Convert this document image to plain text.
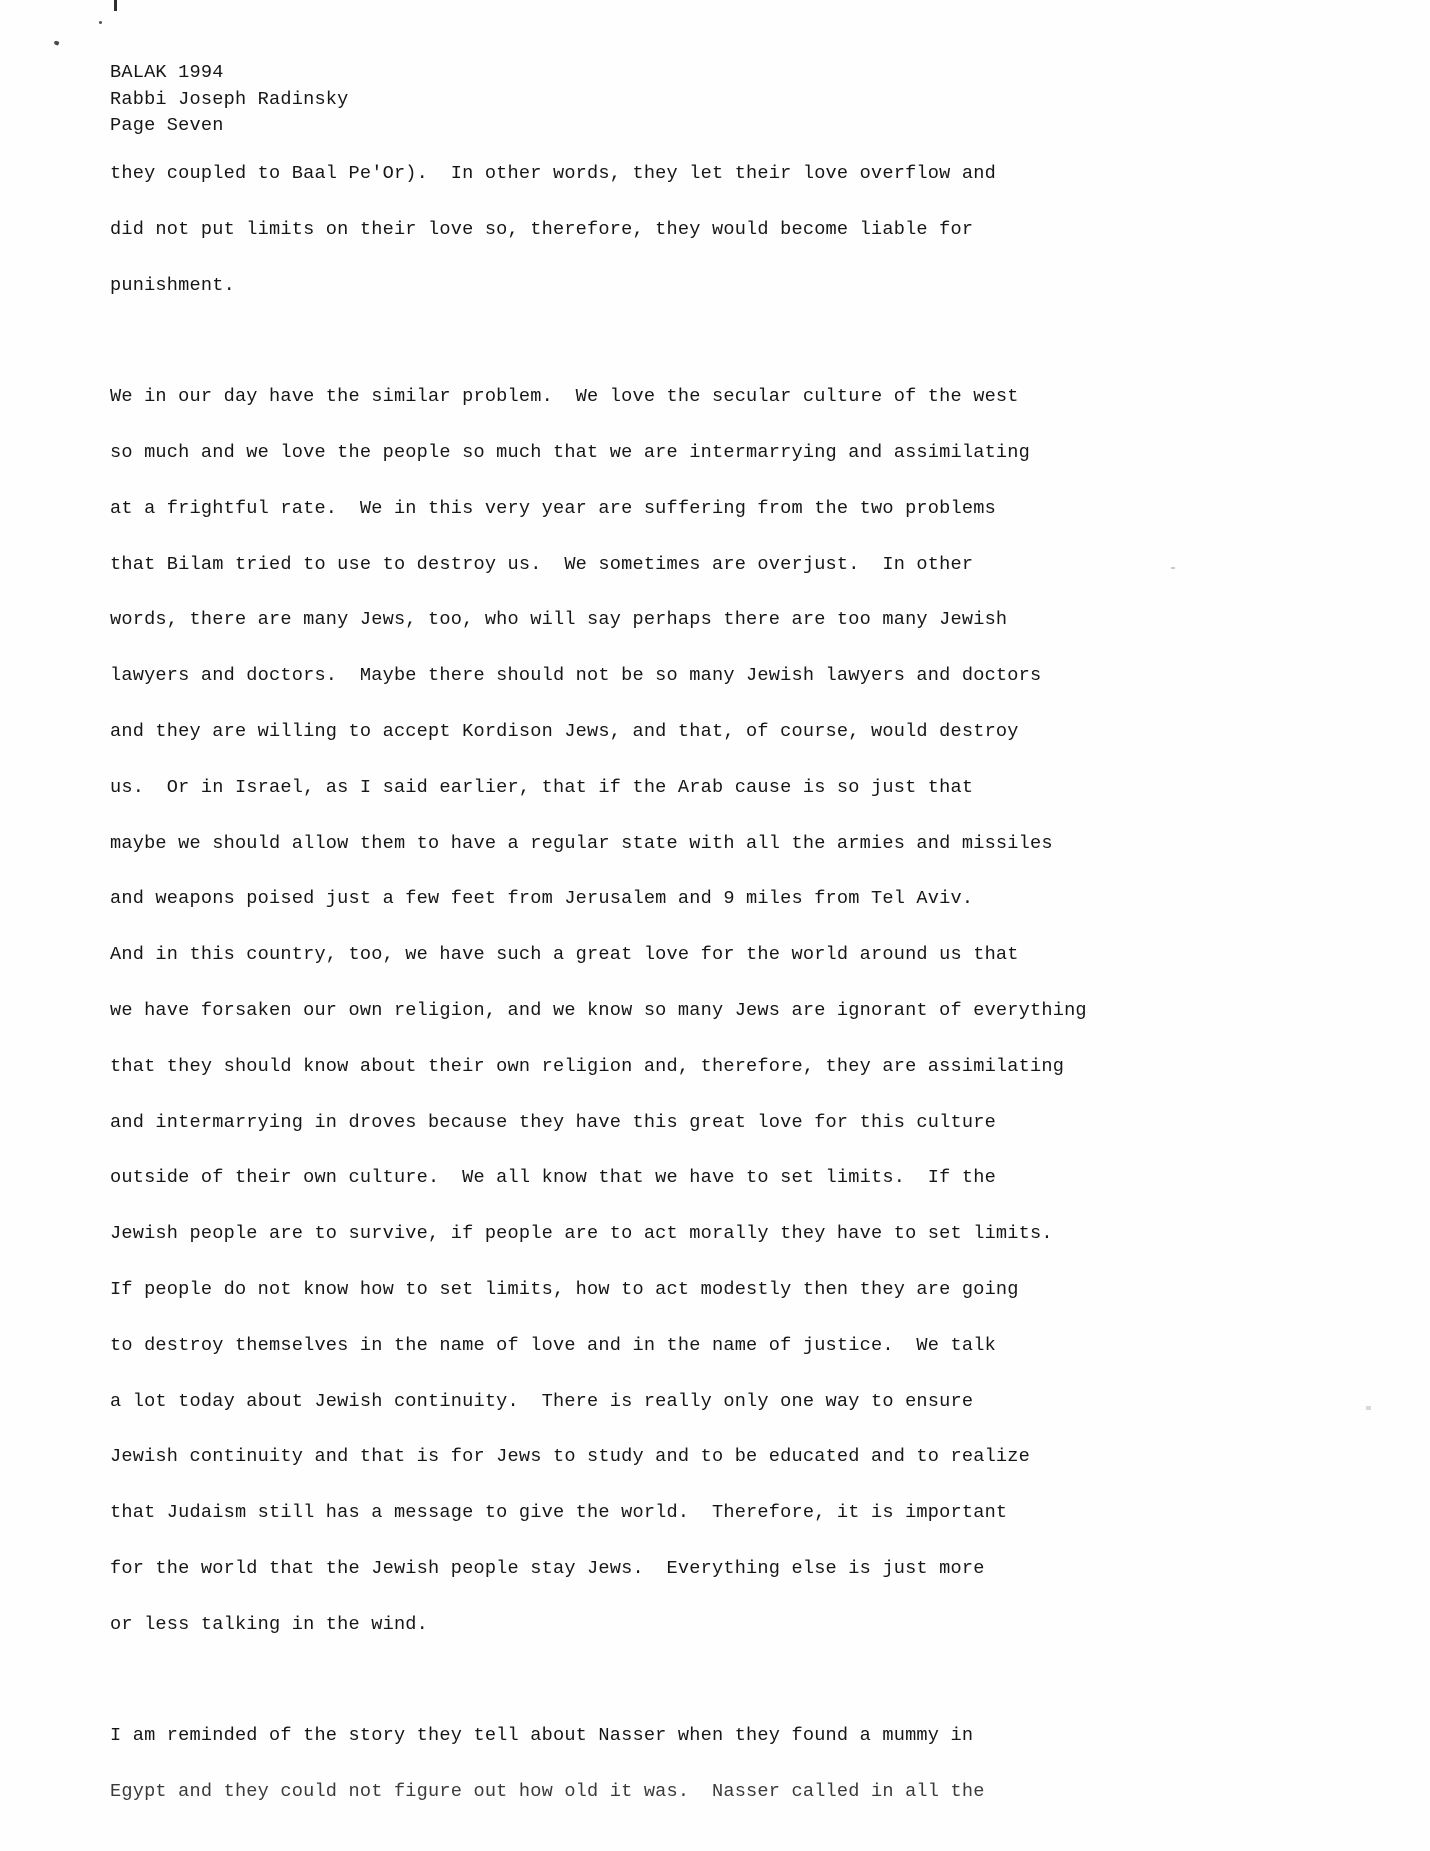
BALAK 1994
Rabbi Joseph Radinsky
Page Seven
they coupled to Baal Pe'Or).  In other words, they let their love overflow and
did not put limits on their love so, therefore, they would become liable for
punishment.
We in our day have the similar problem.  We love the secular culture of the west
so much and we love the people so much that we are intermarrying and assimilating
at a frightful rate.  We in this very year are suffering from the two problems
that Bilam tried to use to destroy us.  We sometimes are overjust.  In other
words, there are many Jews, too, who will say perhaps there are too many Jewish
lawyers and doctors.  Maybe there should not be so many Jewish lawyers and doctors
and they are willing to accept Kordison Jews, and that, of course, would destroy
us.  Or in Israel, as I said earlier, that if the Arab cause is so just that
maybe we should allow them to have a regular state with all the armies and missiles
and weapons poised just a few feet from Jerusalem and 9 miles from Tel Aviv.
And in this country, too, we have such a great love for the world around us that
we have forsaken our own religion, and we know so many Jews are ignorant of everything
that they should know about their own religion and, therefore, they are assimilating
and intermarrying in droves because they have this great love for this culture
outside of their own culture.  We all know that we have to set limits.  If the
Jewish people are to survive, if people are to act morally they have to set limits.
If people do not know how to set limits, how to act modestly then they are going
to destroy themselves in the name of love and in the name of justice.  We talk
a lot today about Jewish continuity.  There is really only one way to ensure
Jewish continuity and that is for Jews to study and to be educated and to realize
that Judaism still has a message to give the world.  Therefore, it is important
for the world that the Jewish people stay Jews.  Everything else is just more
or less talking in the wind.
I am reminded of the story they tell about Nasser when they found a mummy in
Egypt and they could not figure out how old it was.  Nasser called in all the
